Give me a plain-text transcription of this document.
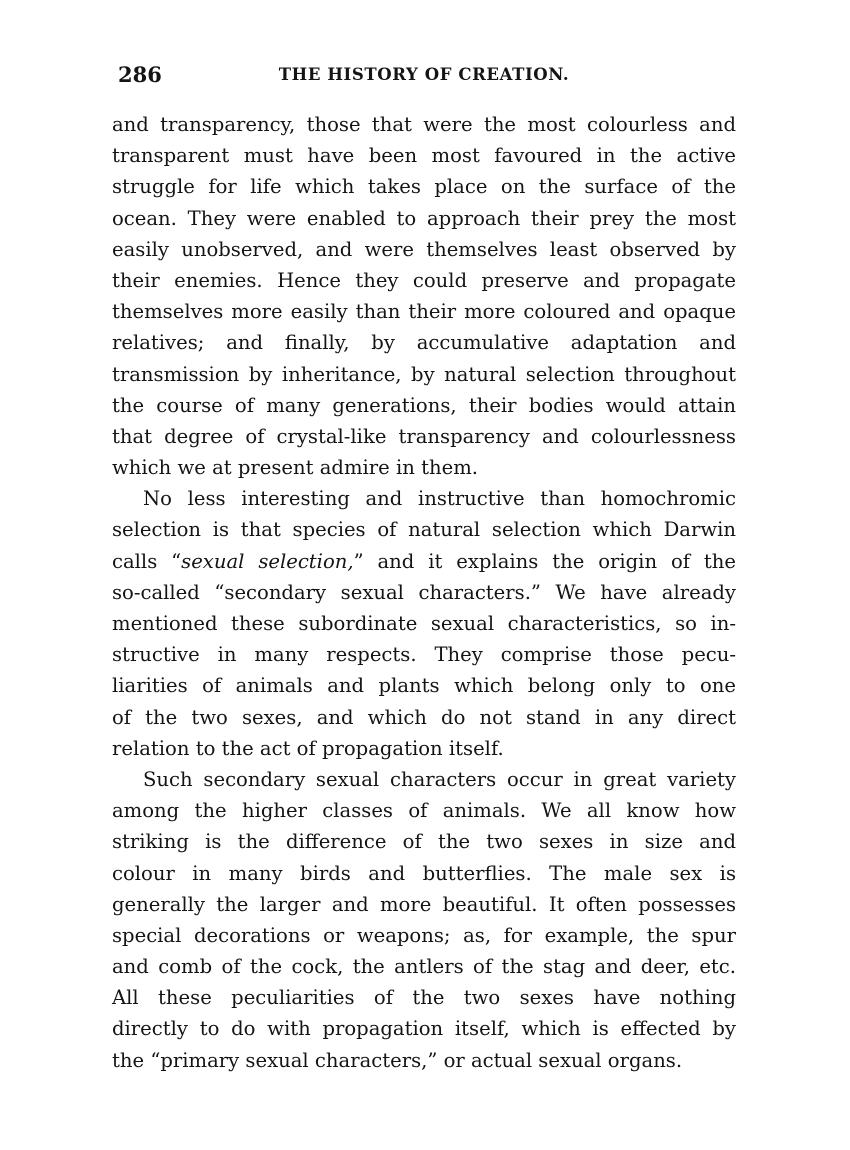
286	THE HISTORY OF CREATION.
and transparency, those that were the most colourless and
transparent must have been most favoured in the active
struggle for life which takes place on the surface of the
ocean. They were enabled to approach their prey the most
easily unobserved, and were themselves least observed by
their enemies. Hence they could preserve and propagate
themselves more easily than their more coloured and opaque
relatives; and finally, by accumulative adaptation and
transmission by inheritance, by natural selection throughout
the course of many generations, their bodies would attain
that degree of crystal-like transparency and colourlessness
which we at present admire in them.
No less interesting and instructive than homochromic
selection is that species of natural selection which Darwin
calls “sexual selection,” and it explains the origin of the
so-called “secondary sexual characters.” We have already
mentioned these subordinate sexual characteristics, so in-
structive in many respects. They comprise those pecu-
liarities of animals and plants which belong only to one
of the two sexes, and which do not stand in any direct
relation to the act of propagation itself.
Such secondary sexual characters occur in great variety
among the higher classes of animals. We all know how
striking is the difference of the two sexes in size and
colour in many birds and butterflies. The male sex is
generally the larger and more beautiful. It often possesses
special decorations or weapons; as, for example, the spur
and comb of the cock, the antlers of the stag and deer, etc.
All these peculiarities of the two sexes have nothing
directly to do with propagation itself, which is effected by
the “primary sexual characters,” or actual sexual organs.
